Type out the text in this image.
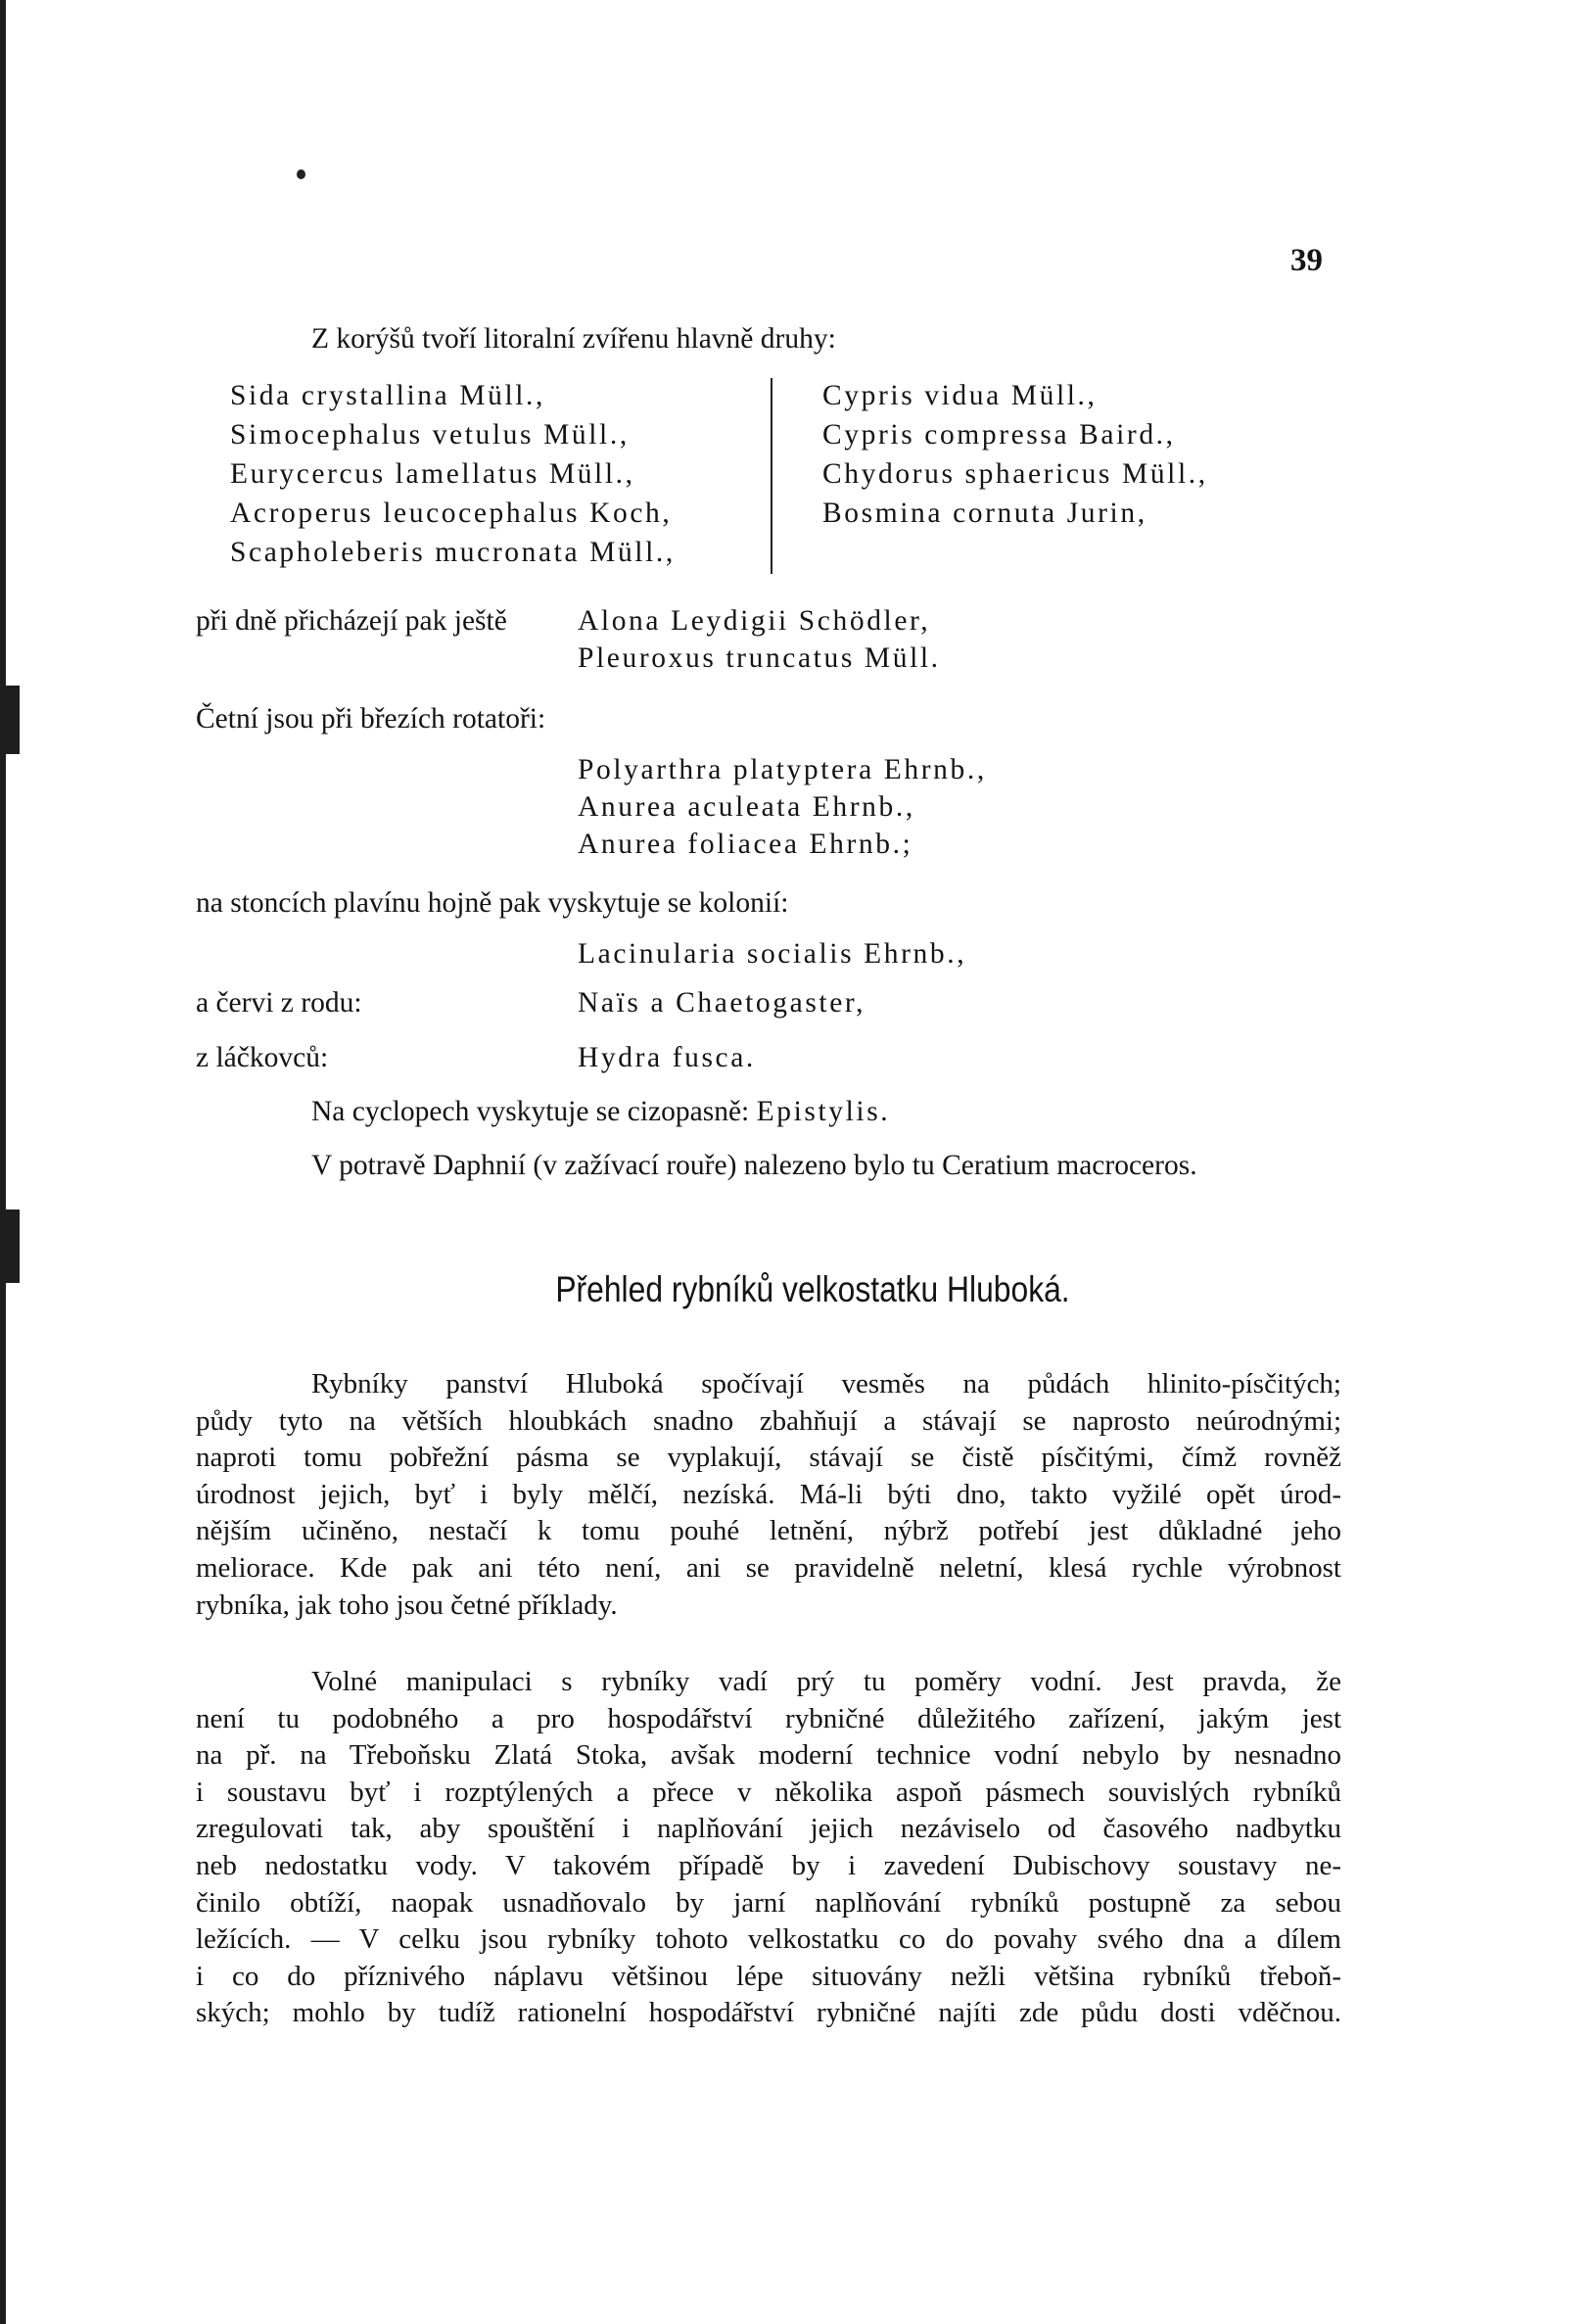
39
Z korýšů tvoří litoralní zvířenu hlavně druhy:
Sida crystallina Müll.,
Simocephalus vetulus Müll.,
Eurycercus lamellatus Müll.,
Acroperus leucocephalus Koch,
Scapholeberis mucronata Müll.,
Cypris vidua Müll.,
Cypris compressa Baird.,
Chydorus sphaericus Müll.,
Bosmina cornuta Jurin,
při dně přicházejí pak ještě Alona Leydigii Schödler,
Pleuroxus truncatus Müll.
Četní jsou při březích rotatoři:
Polyarthra platyptera Ehrnb.,
Anurea aculeata Ehrnb.,
Anurea foliacea Ehrnb.;
na stoncích plavínu hojně pak vyskytuje se kolonií:
Lacinularia socialis Ehrnb.,
a červi z rodu:	Naïs a Chaetogaster,
z láčkovců:	Hydra fusca.
Na cyclopech vyskytuje se cizopasně: Epistylis.
V potravě Daphnií (v zažívací rouře) nalezeno bylo tu Ceratium macroceros.
Přehled rybníků velkostatku Hluboká.
Rybníky panství Hluboká spočívají vesměs na půdách hlinito-písčitých;
půdy tyto na větších hloubkách snadno zbahňují a stávají se naprosto neúrodnými;
naproti tomu pobřežní pásma se vyplakují, stávají se čistě písčitými, čímž rovněž
úrodnost jejich, byť i byly mělčí, nezíská. Má-li býti dno, takto vyžilé opět úrod-
nějším učiněno, nestačí k tomu pouhé letnění, nýbrž potřebí jest důkladné jeho
meliorace. Kde pak ani této není, ani se pravidelně neletní, klesá rychle výrobnost
rybníka, jak toho jsou četné příklady.
Volné manipulaci s rybníky vadí prý tu poměry vodní. Jest pravda, že
není tu podobného a pro hospodářství rybničné důležitého zařízení, jakým jest
na př. na Třeboňsku Zlatá Stoka, avšak moderní technice vodní nebylo by nesnadno
i soustavu byť i rozptýlených a přece v několika aspoň pásmech souvislých rybníků
zregulovati tak, aby spouštění i naplňování jejich nezáviselo od časového nadbytku
neb nedostatku vody. V takovém případě by i zavedení Dubischovy soustavy ne-
činilo obtíží, naopak usnadňovalo by jarní naplňování rybníků postupně za sebou
ležících. — V celku jsou rybníky tohoto velkostatku co do povahy svého dna a dílem
i co do příznivého náplavu většinou lépe situovány nežli většina rybníků třeboň-
ských; mohlo by tudíž rationelní hospodářství rybničné najíti zde půdu dosti vděčnou.
